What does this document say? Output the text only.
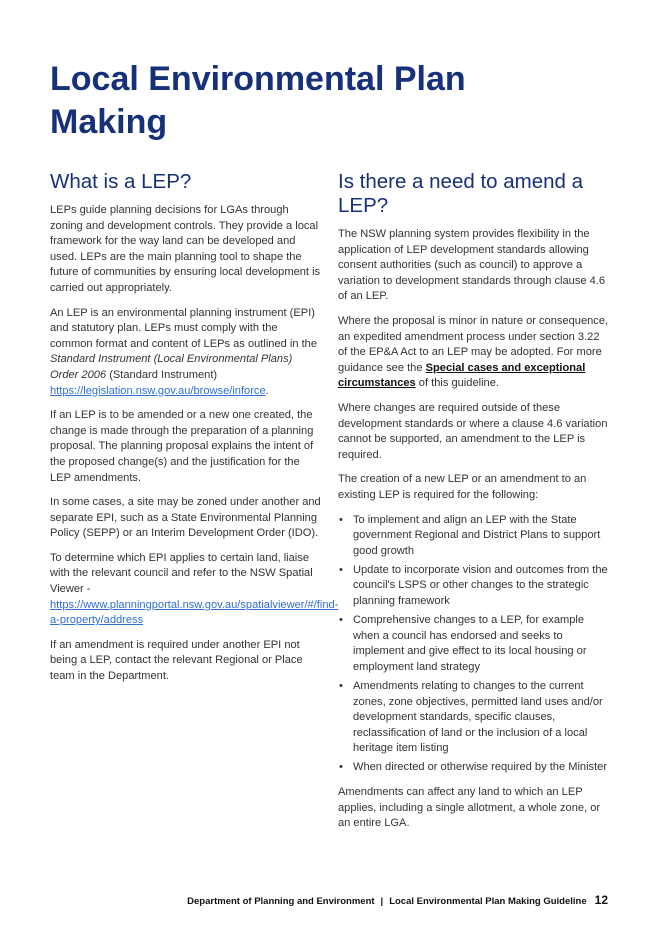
Local Environmental Plan Making
What is a LEP?

LEPs guide planning decisions for LGAs through zoning and development controls. They provide a local framework for the way land can be developed and used. LEPs are the main planning tool to shape the future of communities by ensuring local development is carried out appropriately.

An LEP is an environmental planning instrument (EPI) and statutory plan. LEPs must comply with the common format and content of LEPs as outlined in the Standard Instrument (Local Environmental Plans) Order 2006 (Standard Instrument) https://legislation.nsw.gov.au/browse/inforce.

If an LEP is to be amended or a new one created, the change is made through the preparation of a planning proposal. The planning proposal explains the intent of the proposed change(s) and the justification for the LEP amendments.

In some cases, a site may be zoned under another and separate EPI, such as a State Environmental Planning Policy (SEPP) or an Interim Development Order (IDO).

To determine which EPI applies to certain land, liaise with the relevant council and refer to the NSW Spatial Viewer - https://www.planningportal.nsw.gov.au/spatialviewer/#/find-a-property/address

If an amendment is required under another EPI not being a LEP, contact the relevant Regional or Place team in the Department.

Is there a need to amend a LEP?

The NSW planning system provides flexibility in the application of LEP development standards allowing consent authorities (such as council) to approve a variation to development standards through clause 4.6 of an LEP.

Where the proposal is minor in nature or consequence, an expedited amendment process under section 3.22 of the EP&A Act to an LEP may be adopted. For more guidance see the Special cases and exceptional circumstances of this guideline.

Where changes are required outside of these development standards or where a clause 4.6 variation cannot be supported, an amendment to the LEP is required.

The creation of a new LEP or an amendment to an existing LEP is required for the following:

• To implement and align an LEP with the State government Regional and District Plans to support good growth
• Update to incorporate vision and outcomes from the council's LSPS or other changes to the strategic planning framework
• Comprehensive changes to a LEP, for example when a council has endorsed and seeks to implement and give effect to its local housing or employment land strategy
• Amendments relating to changes to the current zones, zone objectives, permitted land uses and/or development standards, specific clauses, reclassification of land or the inclusion of a local heritage item listing
• When directed or otherwise required by the Minister

Amendments can affect any land to which an LEP applies, including a single allotment, a whole zone, or an entire LGA.

Department of Planning and Environment | Local Environmental Plan Making Guideline 12
